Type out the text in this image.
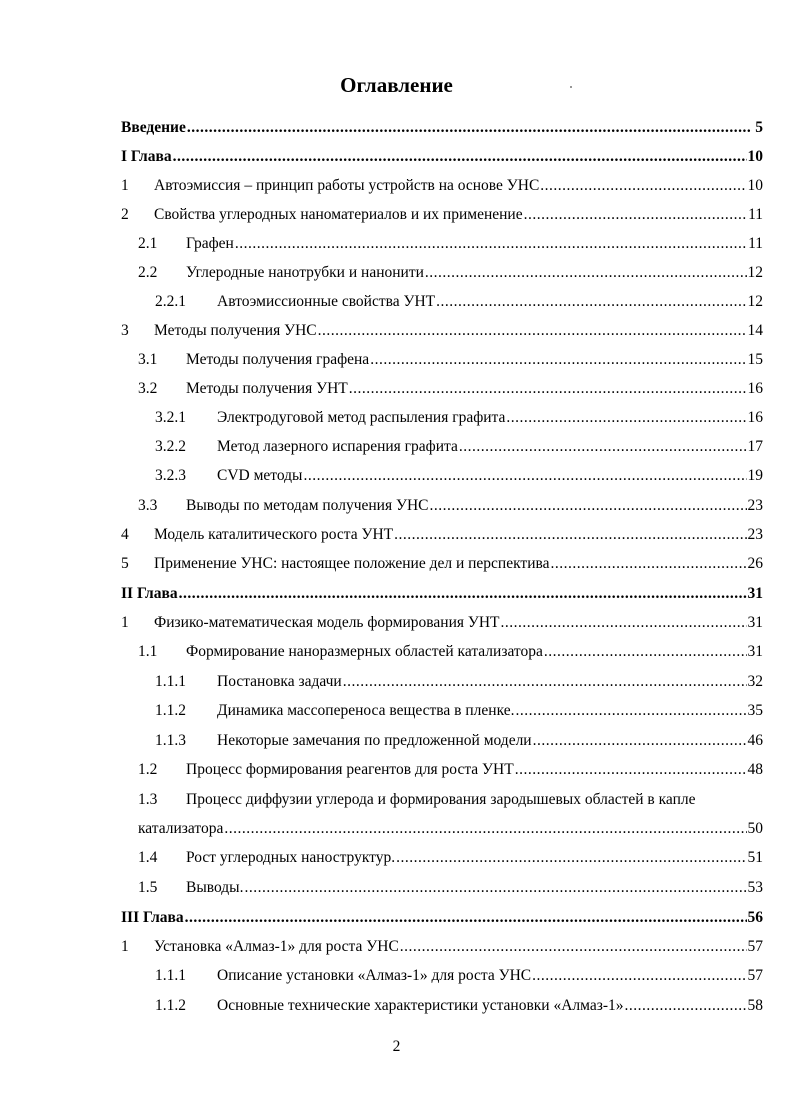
Оглавление
Введение .....	5
I Глава .....	10
1	Автоэмиссия – принцип работы устройств на основе УНС .....	10
2	Свойства углеродных наноматериалов и их применение .....	11
2.1	Графен .....	11
2.2	Углеродные нанотрубки и нанонити .....	12
2.2.1	Автоэмиссионные свойства УНТ .....	12
3	Методы получения УНС .....	14
3.1	Методы получения графена .....	15
3.2	Методы получения УНТ .....	16
3.2.1	Электродуговой метод распыления графита .....	16
3.2.2	Метод лазерного испарения графита .....	17
3.2.3	CVD методы .....	19
3.3	Выводы по методам получения УНС .....	23
4	Модель каталитического роста УНТ .....	23
5	Применение УНС: настоящее положение дел и перспектива .....	26
II Глава .....	31
1	Физико-математическая модель формирования УНТ .....	31
1.1	Формирование наноразмерных областей катализатора .....	31
1.1.1	Постановка задачи .....	32
1.1.2	Динамика массопереноса вещества в пленке. .....	35
1.1.3	Некоторые замечания по предложенной модели .....	46
1.2	Процесс формирования реагентов для роста УНТ .....	48
1.3 Процесс диффузии углерода и формирования зародышевых областей в капле
катализатора .....	50
1.4	Рост углеродных наноструктур. .....	51
1.5	Выводы. .....	53
III Глава .....	56
1	Установка «Алмаз-1» для роста УНС .....	57
1.1.1	Описание установки «Алмаз-1» для роста УНС .....	57
1.1.2	Основные технические характеристики установки «Алмаз-1» .....	58
2
